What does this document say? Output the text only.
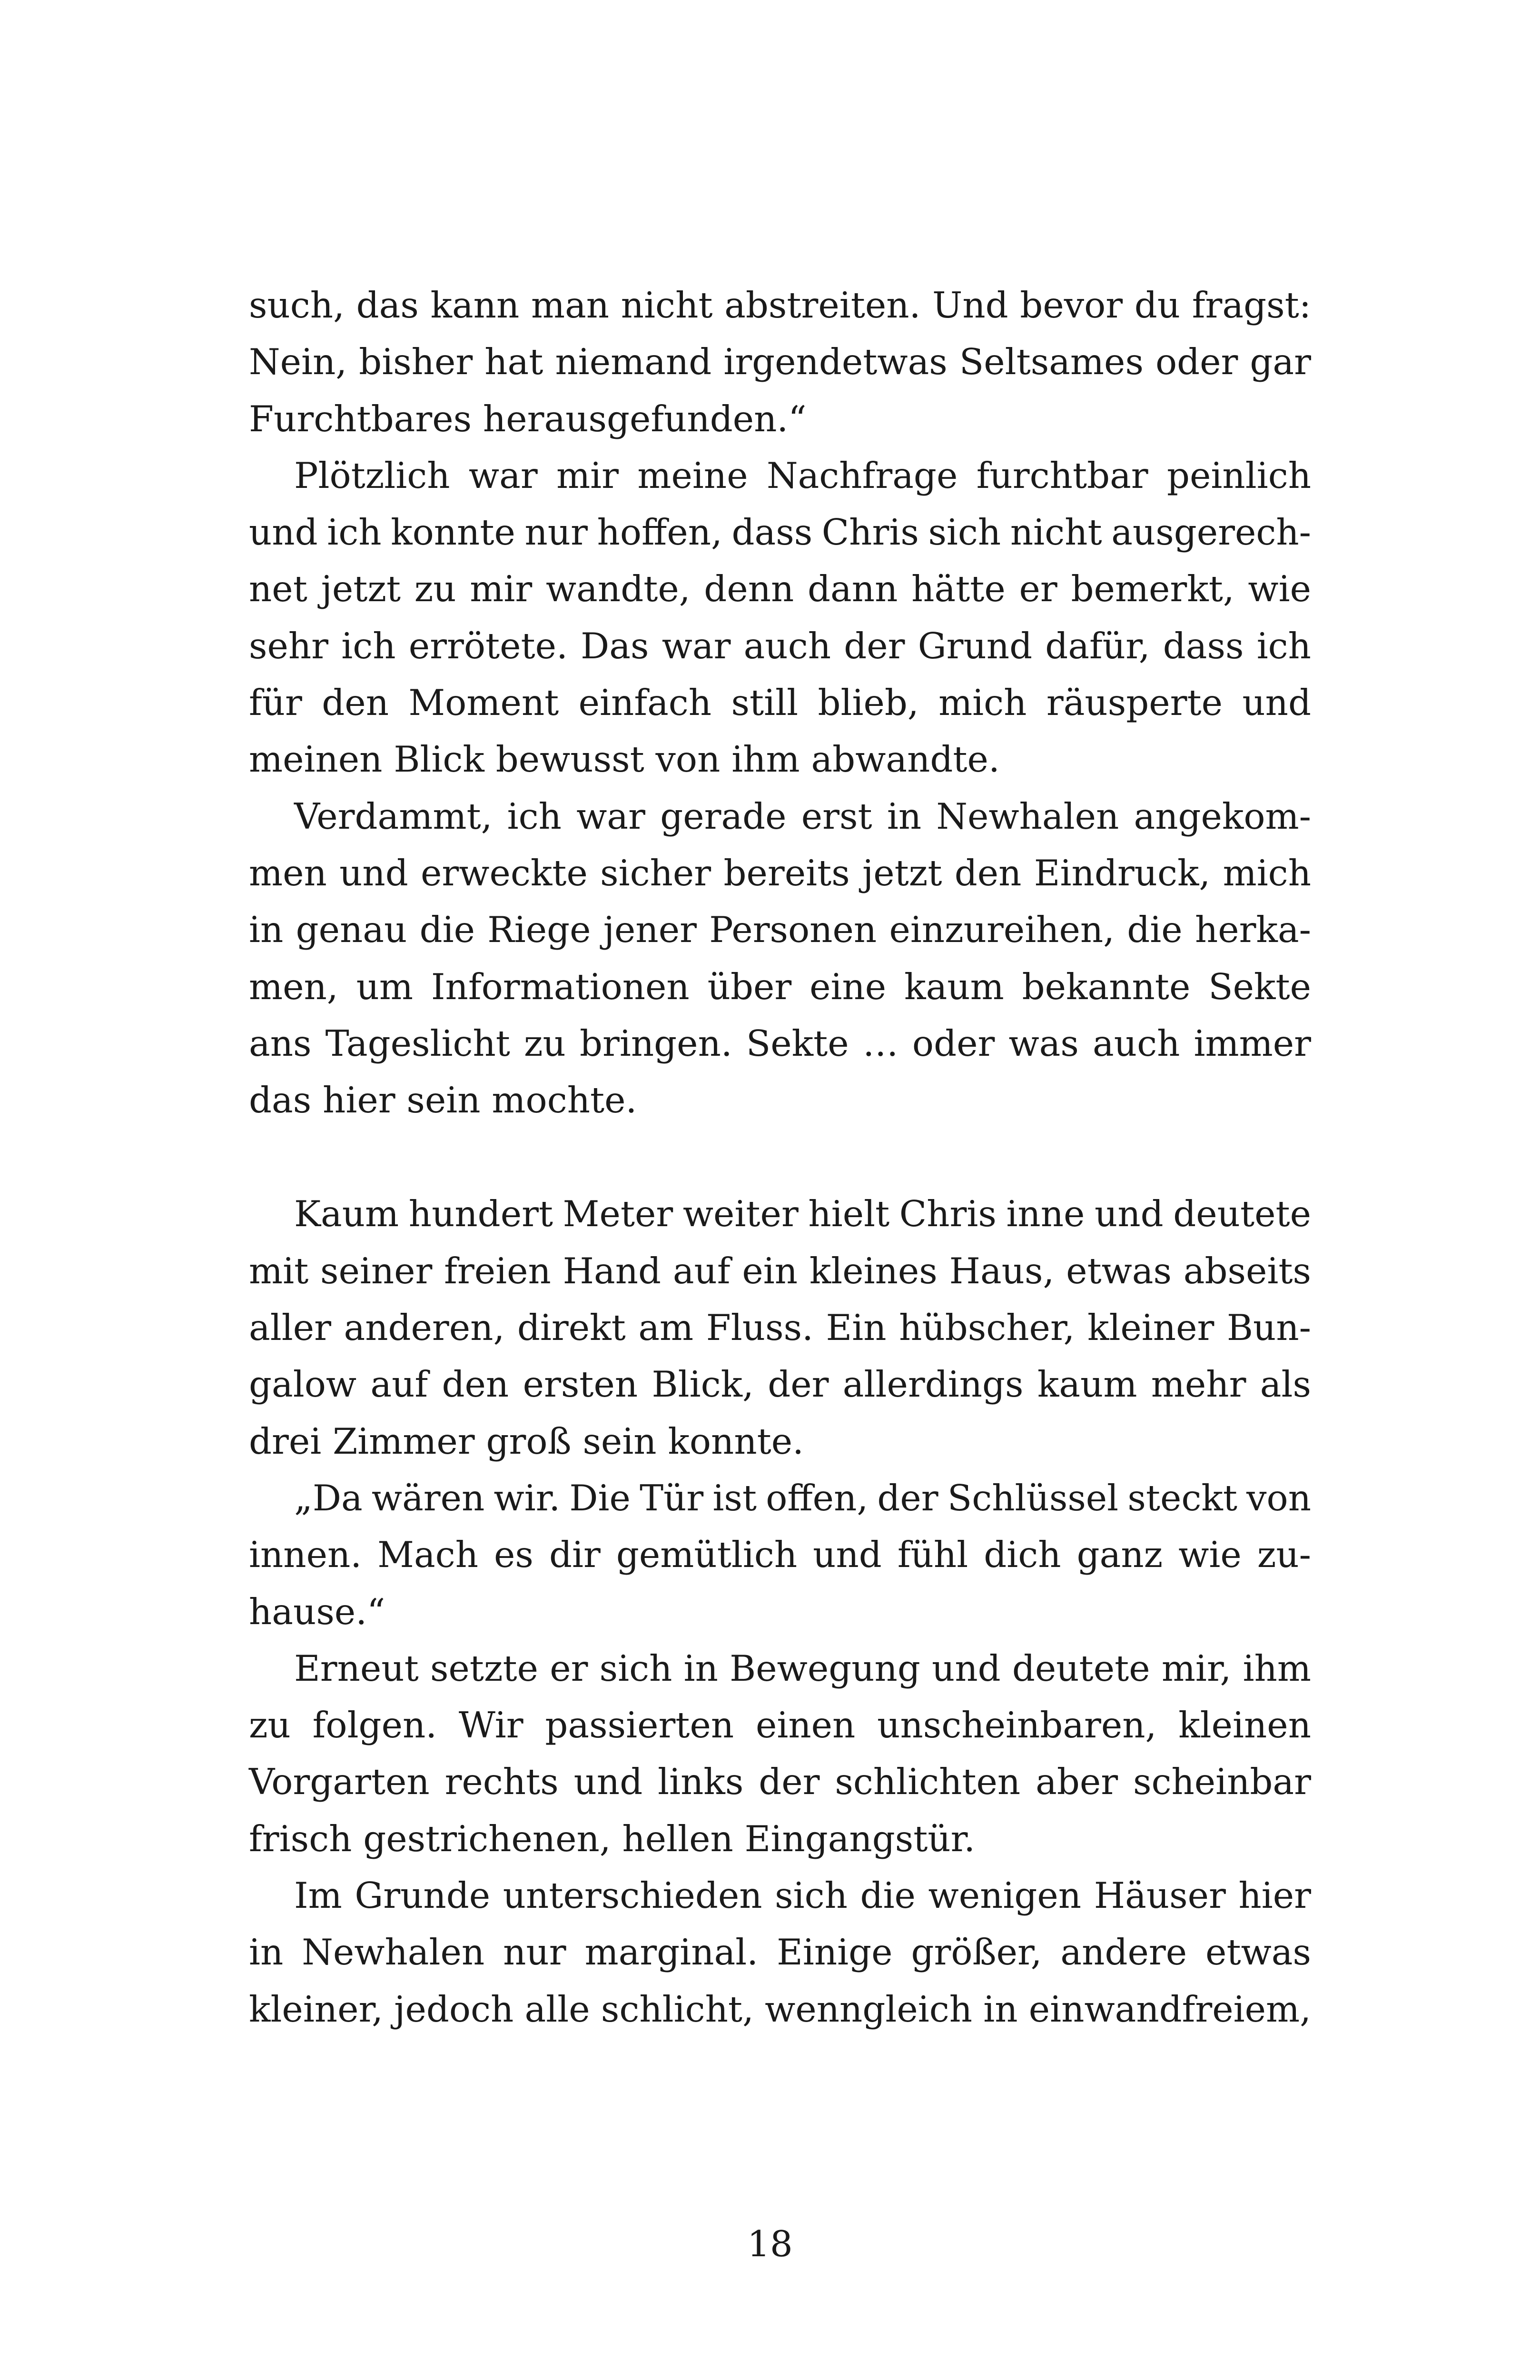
such, das kann man nicht abstreiten. Und bevor du fragst:
Nein, bisher hat niemand irgendetwas Seltsames oder gar
Furchtbares herausgefunden.“

Plötzlich war mir meine Nachfrage furchtbar peinlich
und ich konnte nur hoffen, dass Chris sich nicht ausgerech-
net jetzt zu mir wandte, denn dann hätte er bemerkt, wie
sehr ich errötete. Das war auch der Grund dafür, dass ich
für den Moment einfach still blieb, mich räusperte und
meinen Blick bewusst von ihm abwandte.

Verdammt, ich war gerade erst in Newhalen angekom-
men und erweckte sicher bereits jetzt den Eindruck, mich
in genau die Riege jener Personen einzureihen, die herka-
men, um Informationen über eine kaum bekannte Sekte
ans Tageslicht zu bringen. Sekte … oder was auch immer
das hier sein mochte.

Kaum hundert Meter weiter hielt Chris inne und deutete
mit seiner freien Hand auf ein kleines Haus, etwas abseits
aller anderen, direkt am Fluss. Ein hübscher, kleiner Bun-
galow auf den ersten Blick, der allerdings kaum mehr als
drei Zimmer groß sein konnte.

„Da wären wir. Die Tür ist offen, der Schlüssel steckt von
innen. Mach es dir gemütlich und fühl dich ganz wie zu-
hause.“

Erneut setzte er sich in Bewegung und deutete mir, ihm
zu folgen. Wir passierten einen unscheinbaren, kleinen
Vorgarten rechts und links der schlichten aber scheinbar
frisch gestrichenen, hellen Eingangstür.

Im Grunde unterschieden sich die wenigen Häuser hier
in Newhalen nur marginal. Einige größer, andere etwas
kleiner, jedoch alle schlicht, wenngleich in einwandfreiem,

18
